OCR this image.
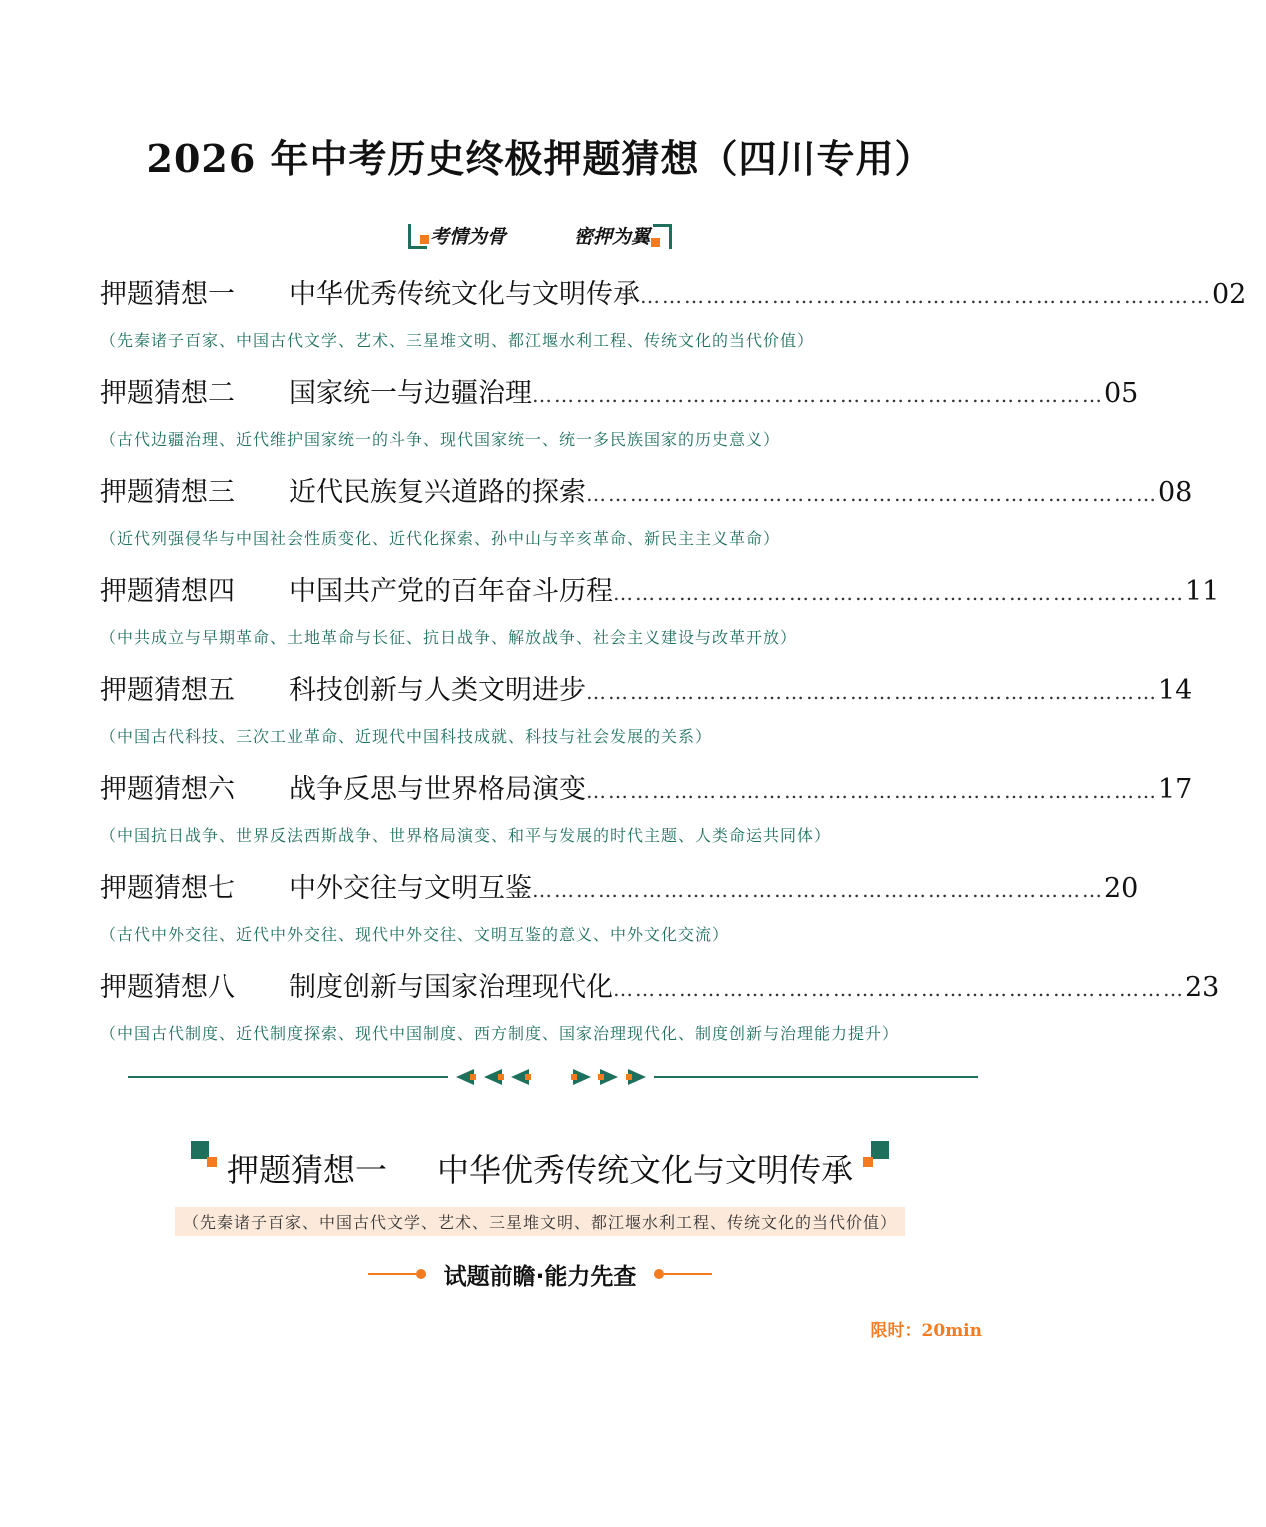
2026 年中考历史终极押题猜想（四川专用）
考情为骨	密押为翼
押题猜想一	中华优秀传统文化与文明传承 …………………………………………………………………… 02
（先秦诸子百家、中国古代文学、艺术、三星堆文明、都江堰水利工程、传统文化的当代价值）
押题猜想二	国家统一与边疆治理 …………………………………………………………………… 05
（古代边疆治理、近代维护国家统一的斗争、现代国家统一、统一多民族国家的历史意义）
押题猜想三	近代民族复兴道路的探索 …………………………………………………………………… 08
（近代列强侵华与中国社会性质变化、近代化探索、孙中山与辛亥革命、新民主主义革命）
押题猜想四	中国共产党的百年奋斗历程 …………………………………………………………………… 11
（中共成立与早期革命、土地革命与长征、抗日战争、解放战争、社会主义建设与改革开放）
押题猜想五	科技创新与人类文明进步 …………………………………………………………………… 14
（中国古代科技、三次工业革命、近现代中国科技成就、科技与社会发展的关系）
押题猜想六	战争反思与世界格局演变 …………………………………………………………………… 17
（中国抗日战争、世界反法西斯战争、世界格局演变、和平与发展的时代主题、人类命运共同体）
押题猜想七	中外交往与文明互鉴 …………………………………………………………………… 20
（古代中外交往、近代中外交往、现代中外交往、文明互鉴的意义、中外文化交流）
押题猜想八	制度创新与国家治理现代化 …………………………………………………………………… 23
（中国古代制度、近代制度探索、现代中国制度、西方制度、国家治理现代化、制度创新与治理能力提升）
押题猜想一 中华优秀传统文化与文明传承
（先秦诸子百家、中国古代文学、艺术、三星堆文明、都江堰水利工程、传统文化的当代价值）
试题前瞻·能力先查
限时：20min
